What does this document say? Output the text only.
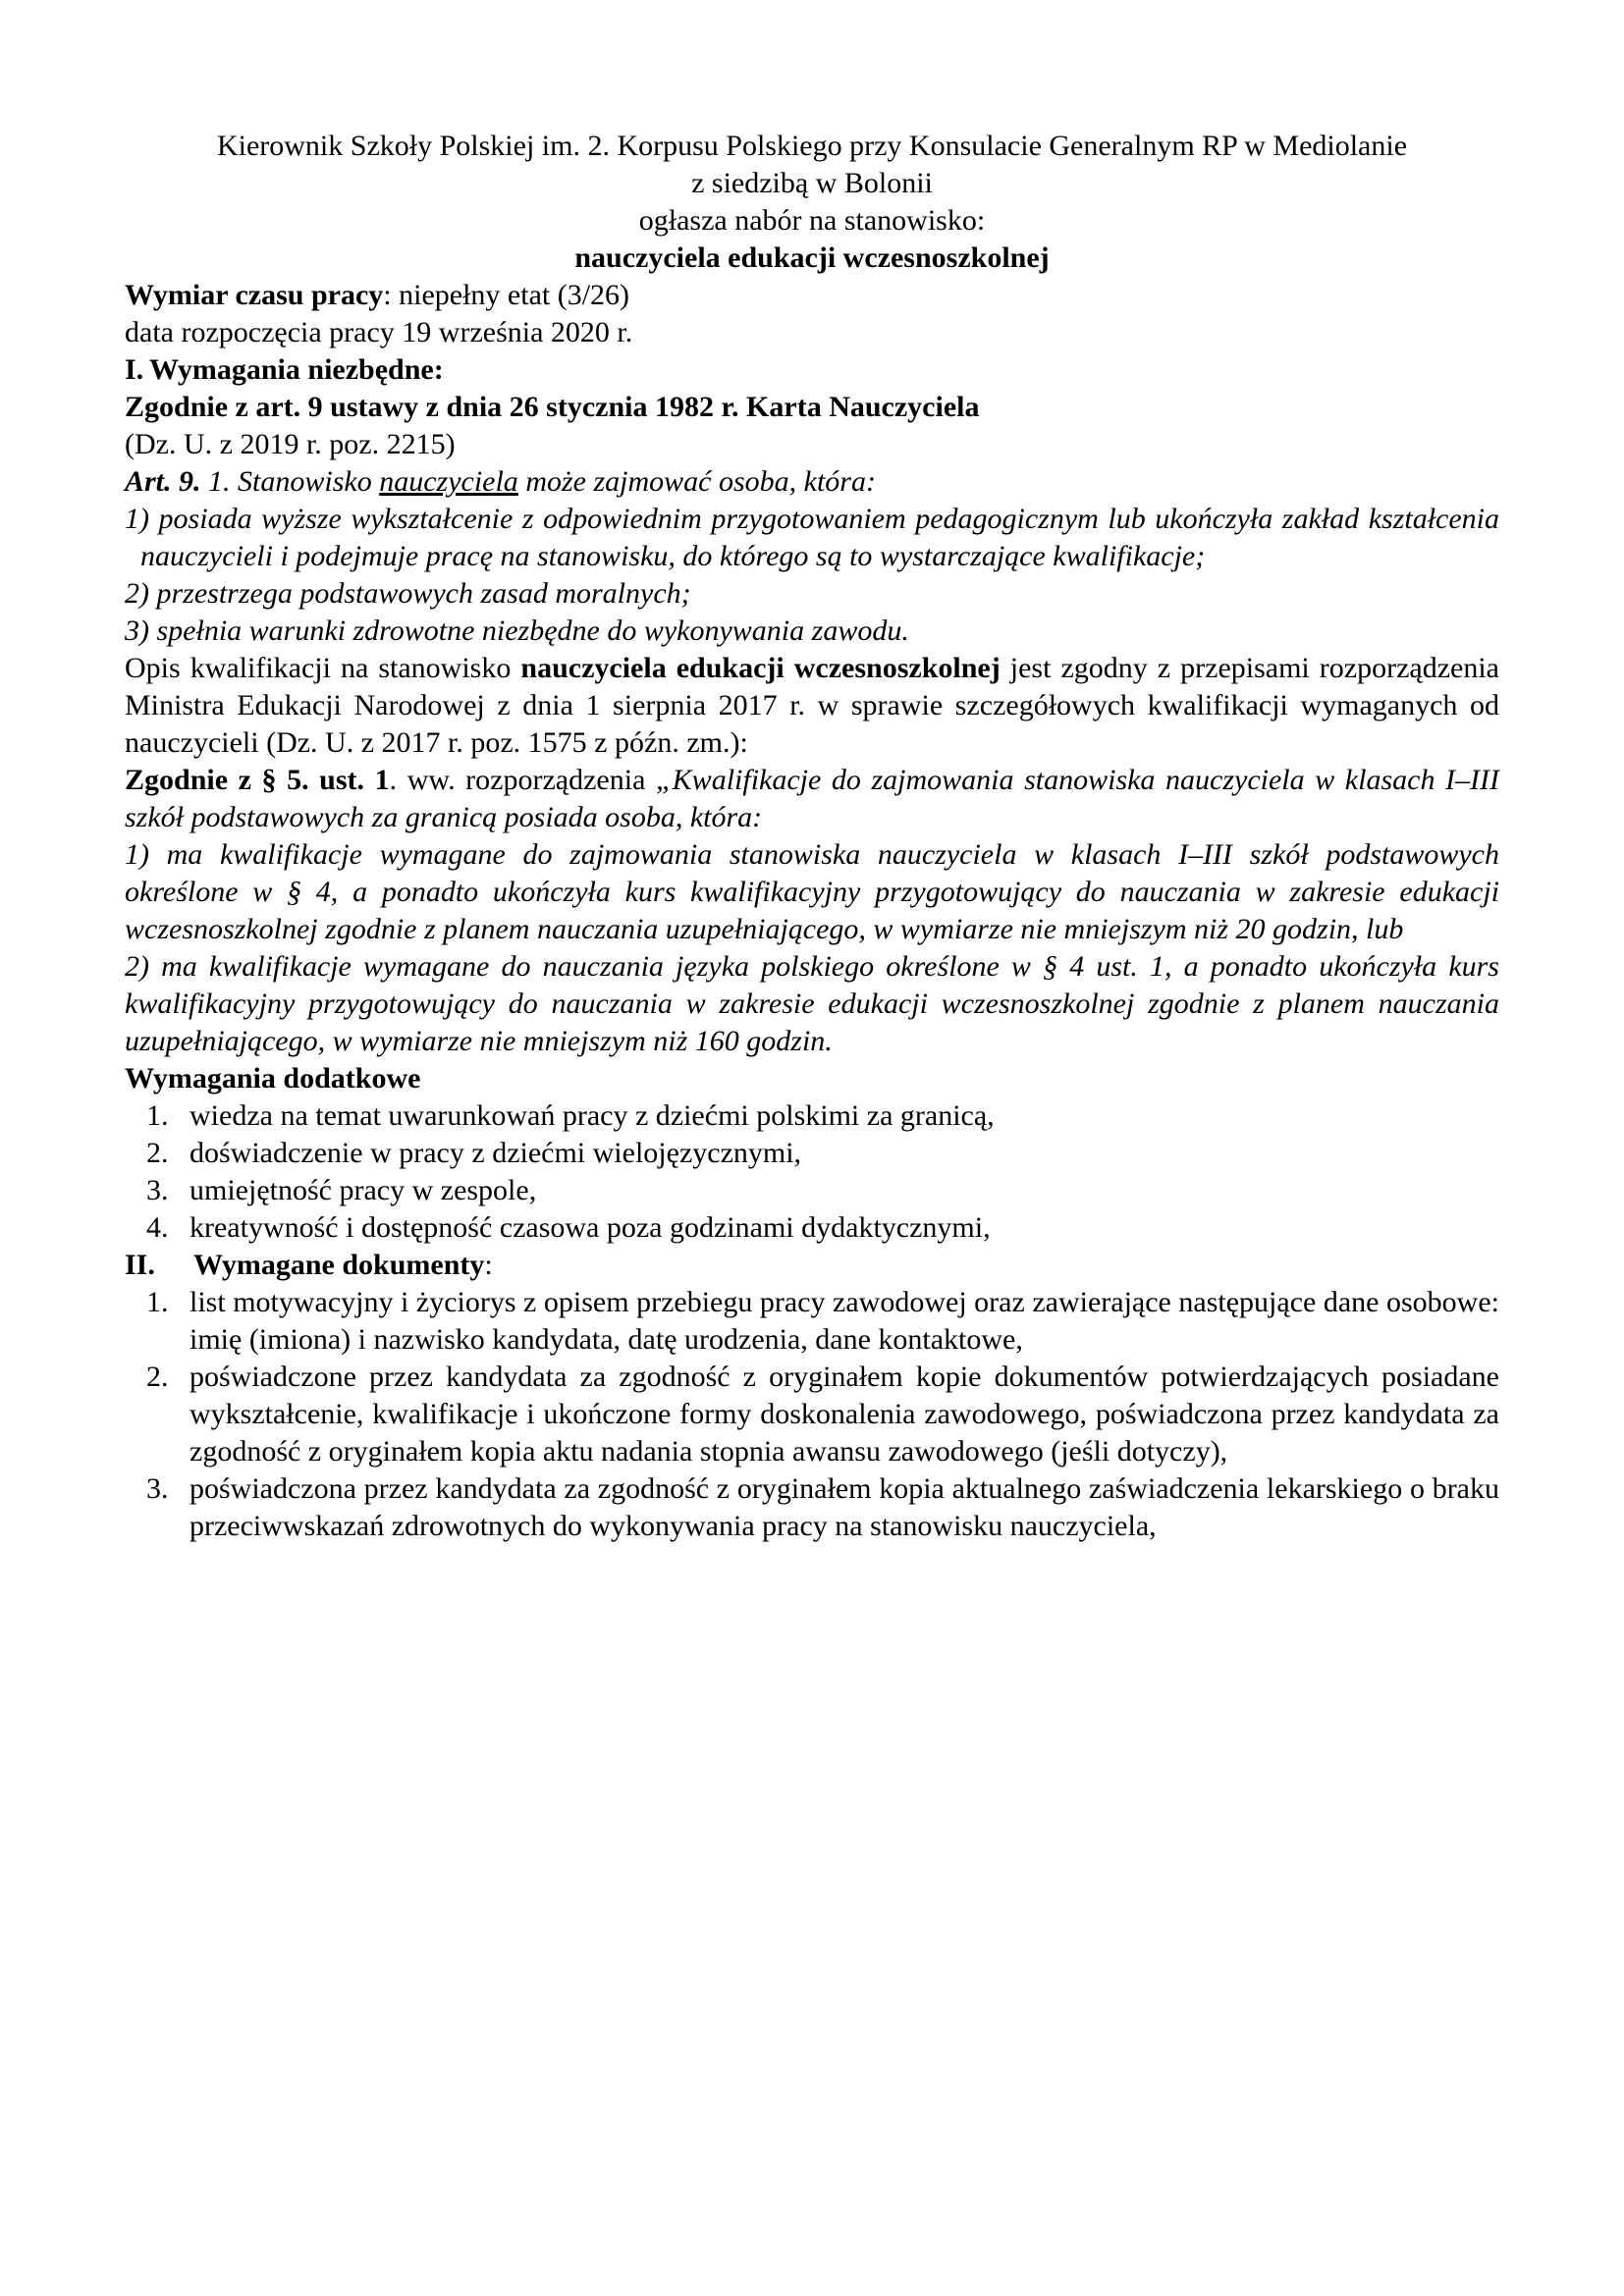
Kierownik Szkoły Polskiej im. 2. Korpusu Polskiego przy Konsulacie Generalnym RP w Mediolanie
z siedzibą w Bolonii
ogłasza nabór na stanowisko:
nauczyciela edukacji wczesnoszkolnej
Wymiar czasu pracy: niepełny etat (3/26)
data rozpoczęcia pracy 19 września 2020 r.
I. Wymagania niezbędne:
Zgodnie z art. 9 ustawy z dnia 26 stycznia 1982 r. Karta Nauczyciela
(Dz. U. z 2019 r. poz. 2215)

Art. 9. 1. Stanowisko nauczyciela może zajmować osoba, która:

1) posiada wyższe wykształcenie z odpowiednim przygotowaniem pedagogicznym lub ukończyła zakład kształcenia nauczycieli i podejmuje pracę na stanowisku, do którego są to wystarczające kwalifikacje;

2) przestrzega podstawowych zasad moralnych;

3) spełnia warunki zdrowotne niezbędne do wykonywania zawodu.

Opis kwalifikacji na stanowisko nauczyciela edukacji wczesnoszkolnej jest zgodny z przepisami rozporządzenia Ministra Edukacji Narodowej z dnia 1 sierpnia 2017 r. w sprawie szczegółowych kwalifikacji wymaganych od nauczycieli (Dz. U. z 2017 r. poz. 1575 z późn. zm.):

Zgodnie z § 5. ust. 1. ww. rozporządzenia „Kwalifikacje do zajmowania stanowiska nauczyciela w klasach I–III szkół podstawowych za granicą posiada osoba, która:

1) ma kwalifikacje wymagane do zajmowania stanowiska nauczyciela w klasach I–III szkół podstawowych określone w § 4, a ponadto ukończyła kurs kwalifikacyjny przygotowujący do nauczania w zakresie edukacji wczesnoszkolnej zgodnie z planem nauczania uzupełniającego, w wymiarze nie mniejszym niż 20 godzin, lub

2) ma kwalifikacje wymagane do nauczania języka polskiego określone w § 4 ust. 1, a ponadto ukończyła kurs kwalifikacyjny przygotowujący do nauczania w zakresie edukacji wczesnoszkolnej zgodnie z planem nauczania uzupełniającego, w wymiarze nie mniejszym niż 160 godzin.

Wymagania dodatkowe
1. wiedza na temat uwarunkowań pracy z dziećmi polskimi za granicą,
2. doświadczenie w pracy z dziećmi wielojęzycznymi,
3. umiejętność pracy w zespole,
4. kreatywność i dostępność czasowa poza godzinami dydaktycznymi,
II. Wymagane dokumenty:
1. list motywacyjny i życiorys z opisem przebiegu pracy zawodowej oraz zawierające następujące dane osobowe: imię (imiona) i nazwisko kandydata, datę urodzenia, dane kontaktowe,
2. poświadczone przez kandydata za zgodność z oryginałem kopie dokumentów potwierdzających posiadane wykształcenie, kwalifikacje i ukończone formy doskonalenia zawodowego, poświadczona przez kandydata za zgodność z oryginałem kopia aktu nadania stopnia awansu zawodowego (jeśli dotyczy),
3. poświadczona przez kandydata za zgodność z oryginałem kopia aktualnego zaświadczenia lekarskiego o braku przeciwwskazań zdrowotnych do wykonywania pracy na stanowisku nauczyciela,
